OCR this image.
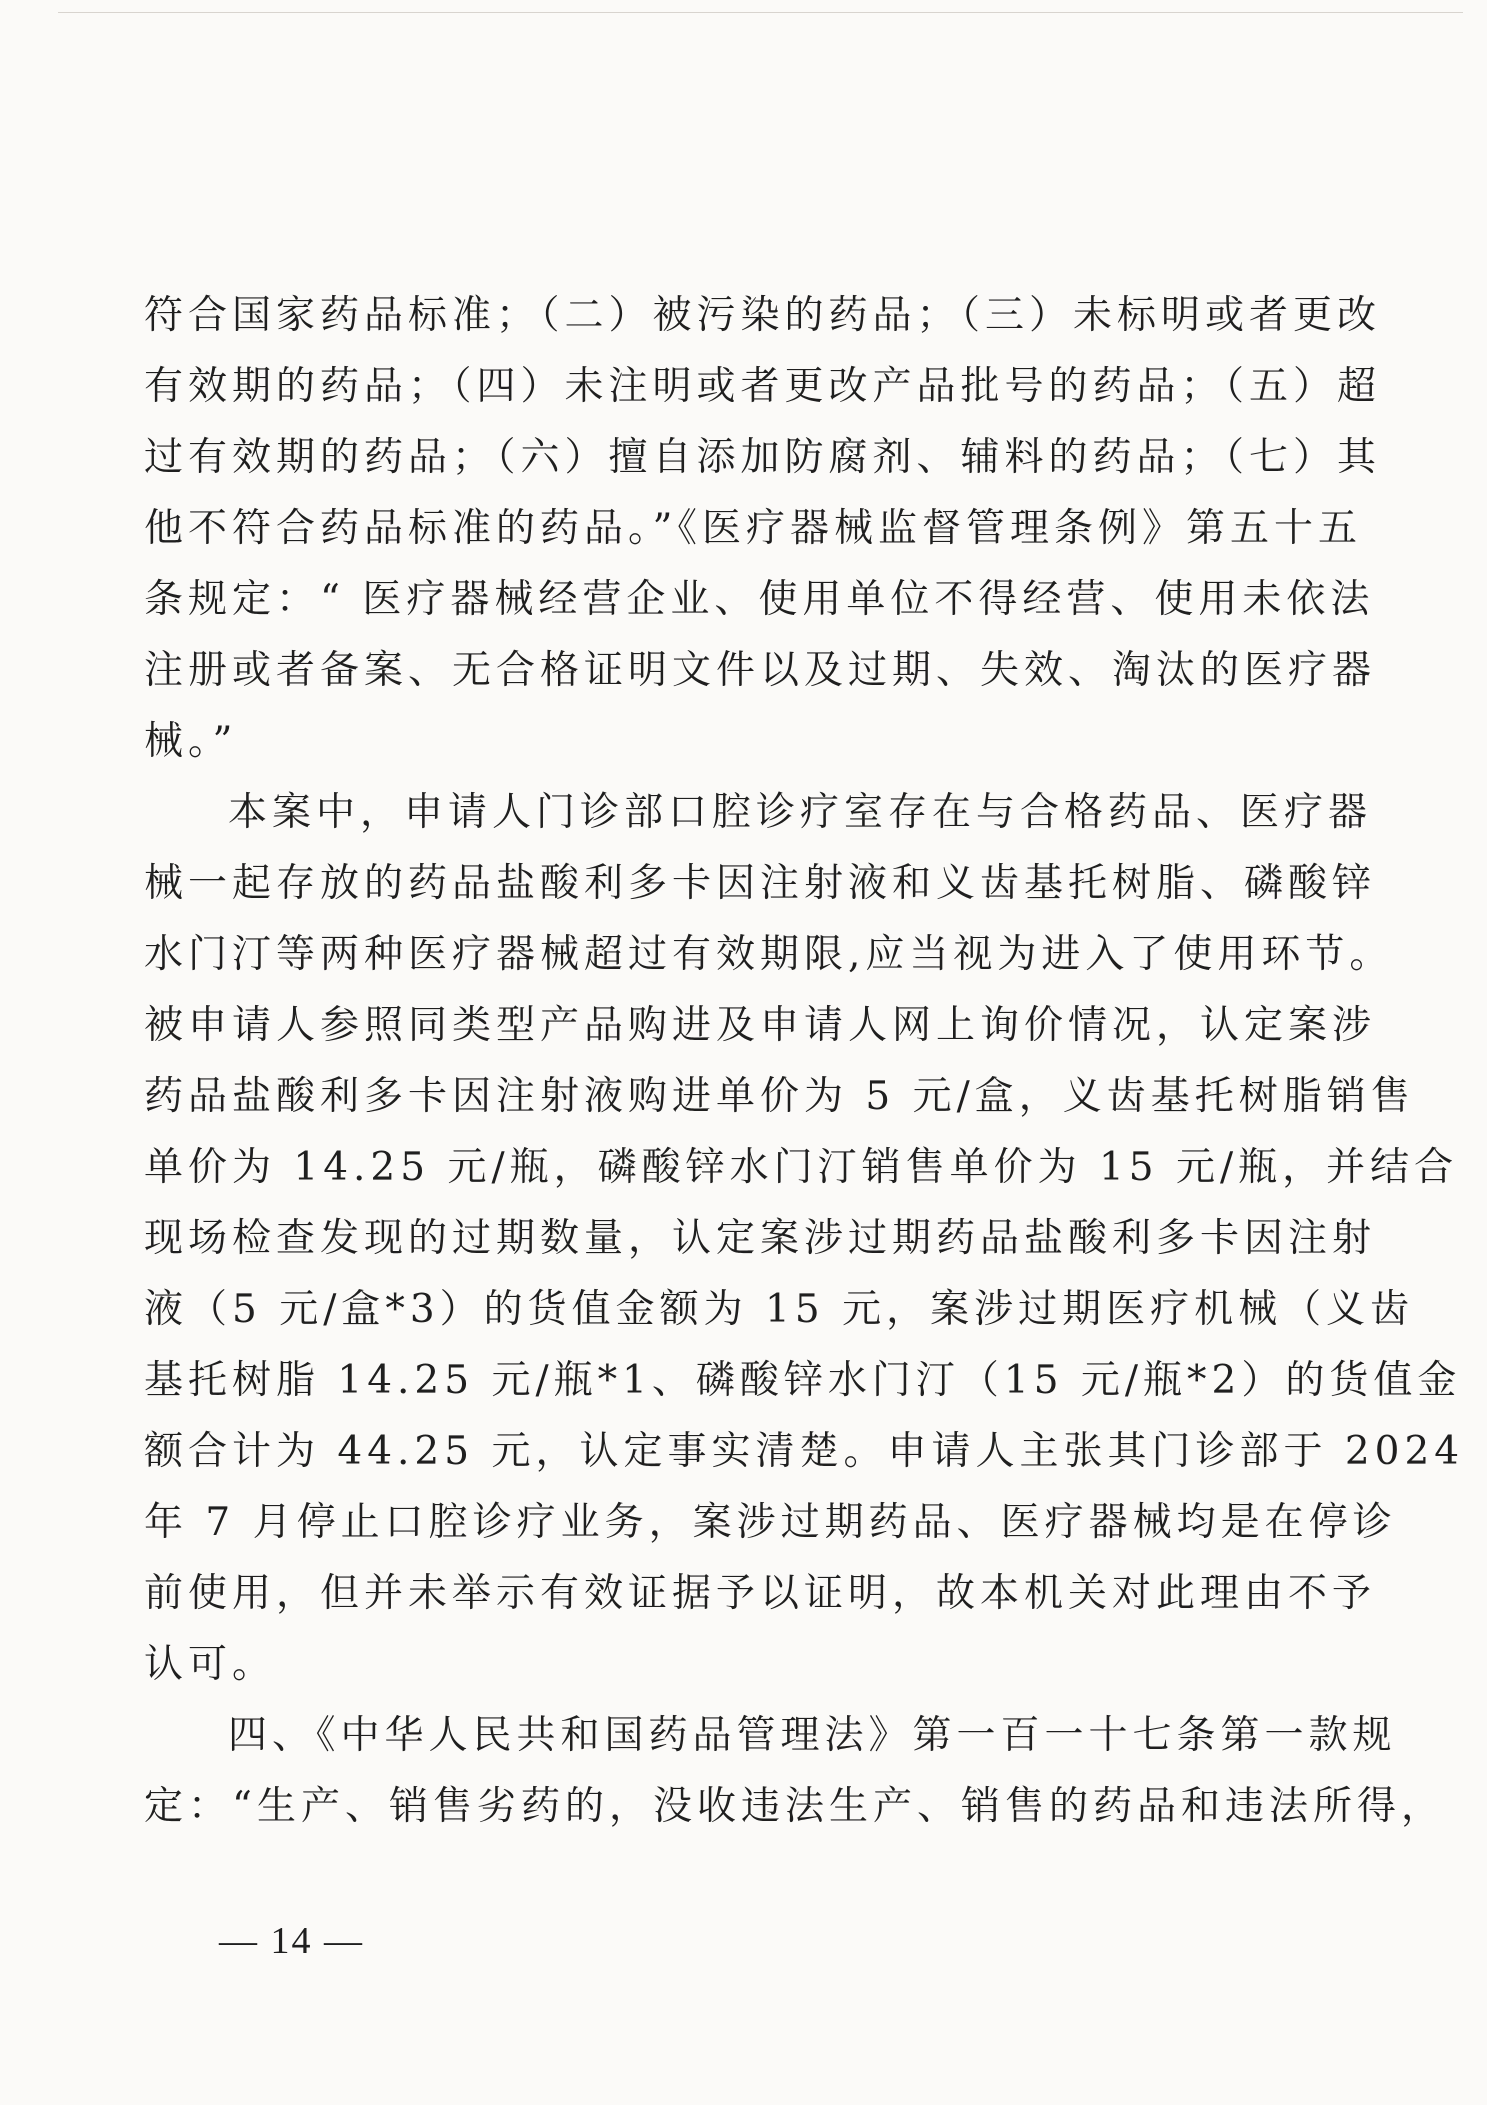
符合国家药品标准；（二）被污染的药品；（三）未标明或者更改
有效期的药品；（四）未注明或者更改产品批号的药品；（五）超
过有效期的药品；（六）擅自添加防腐剂、辅料的药品；（七）其
他不符合药品标准的药品。”《医疗器械监督管理条例》第五十五
条规定：“ 医疗器械经营企业、使用单位不得经营、使用未依法
注册或者备案、无合格证明文件以及过期、失效、淘汰的医疗器
械。”
本案中，申请人门诊部口腔诊疗室存在与合格药品、医疗器
械一起存放的药品盐酸利多卡因注射液和义齿基托树脂、磷酸锌
水门汀等两种医疗器械超过有效期限,应当视为进入了使用环节。
被申请人参照同类型产品购进及申请人网上询价情况，认定案涉
药品盐酸利多卡因注射液购进单价为 5 元/盒，义齿基托树脂销售
单价为 14.25 元/瓶，磷酸锌水门汀销售单价为 15 元/瓶，并结合
现场检查发现的过期数量，认定案涉过期药品盐酸利多卡因注射
液（5 元/盒*3）的货值金额为 15 元，案涉过期医疗机械（义齿
基托树脂 14.25 元/瓶*1、磷酸锌水门汀（15 元/瓶*2）的货值金
额合计为 44.25 元，认定事实清楚。申请人主张其门诊部于 2024
年 7 月停止口腔诊疗业务，案涉过期药品、医疗器械均是在停诊
前使用，但并未举示有效证据予以证明，故本机关对此理由不予
认可。
四、《中华人民共和国药品管理法》第一百一十七条第一款规
定：“生产、销售劣药的，没收违法生产、销售的药品和违法所得，
— 14 —
